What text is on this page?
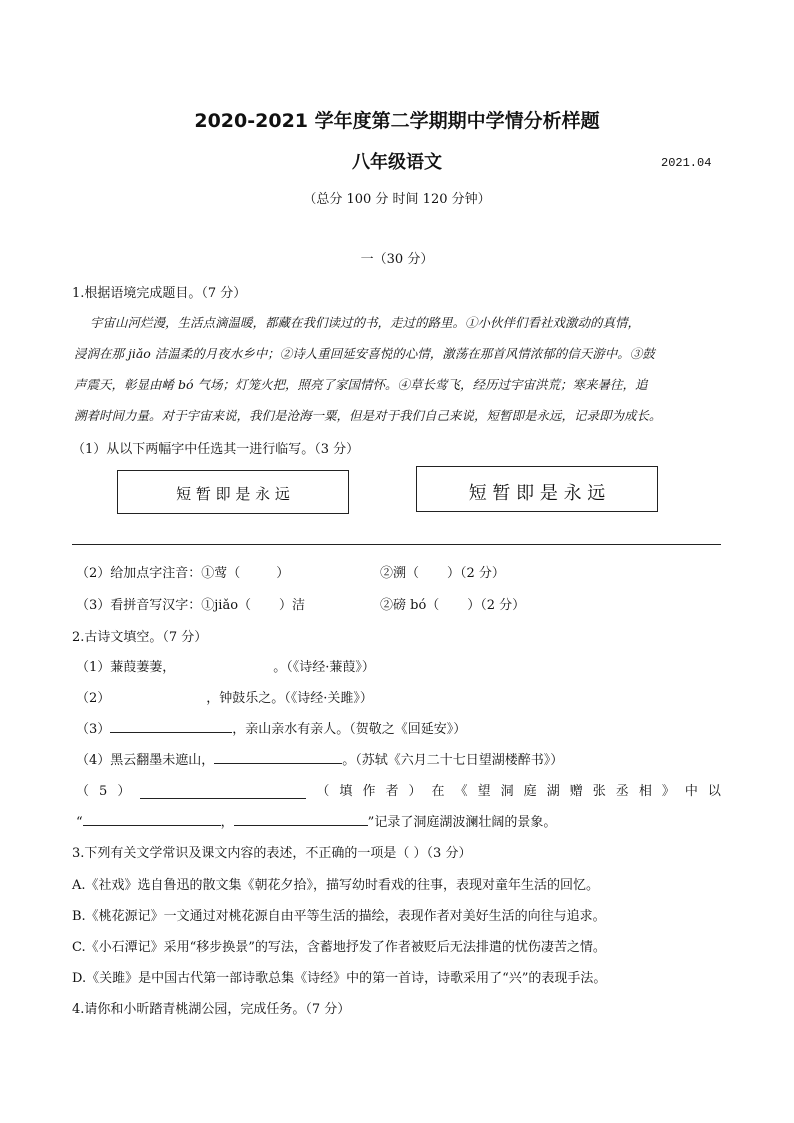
2020-2021 学年度第二学期期中学情分析样题
八年级语文	2021.04
（总分 100 分 时间 120 分钟）
一（30 分）
1.根据语境完成题目。（7 分）
宇宙山河烂漫，生活点滴温暖，都藏在我们读过的书，走过的路里。①小伙伴们看社戏激动的真情，
浸润在那 jiǎo 洁温柔的月夜水乡中；②诗人重回延安喜悦的心情，激荡在那首风情浓郁的信天游中。③鼓
声震天，彰显由崤 bó 气场；灯笼火把，照亮了家国情怀。④草长莺飞，经历过宇宙洪荒；寒来暑往，追
溯着时间力量。对于宇宙来说，我们是沧海一粟，但是对于我们自己来说，短暂即是永远，记录即为成长。
（1）从以下两幅字中任选其一进行临写。（3 分）
短 暂 即 是 永 远	短 暂 即 是 永 远
（2）给加点字注音：①莺（	）	②溯（ ）（2 分）
（3）看拼音写汉字：①jiǎo（ ）洁	②磅 bó（ ）（2 分）
2.古诗文填空。（7 分）
（1）蒹葭萋萋，	。（《诗经·蒹葭》）
（2）	，钟鼓乐之。（《诗经·关雎》）
（3）	，亲山亲水有亲人。（贺敬之《回延安》）
（4）黑云翻墨未遮山，	。（苏轼《六月二十七日望湖楼醉书》）
（ 5 ）	（ 填 作 者 ） 在 《 望 洞 庭 湖 赠 张 丞 相 》 中 以
“	，	”记录了洞庭湖波澜壮阔的景象。
3.下列有关文学常识及课文内容的表述，不正确的一项是（ ）（3 分）
A.《社戏》选自鲁迅的散文集《朝花夕拾》，描写幼时看戏的往事，表现对童年生活的回忆。
B.《桃花源记》一文通过对桃花源自由平等生活的描绘，表现作者对美好生活的向往与追求。
C.《小石潭记》采用“移步换景”的写法，含蓄地抒发了作者被贬后无法排遣的忧伤凄苦之情。
D.《关雎》是中国古代第一部诗歌总集《诗经》中的第一首诗，诗歌采用了“兴”的表现手法。
4.请你和小昕踏青桃湖公园，完成任务。（7 分）
